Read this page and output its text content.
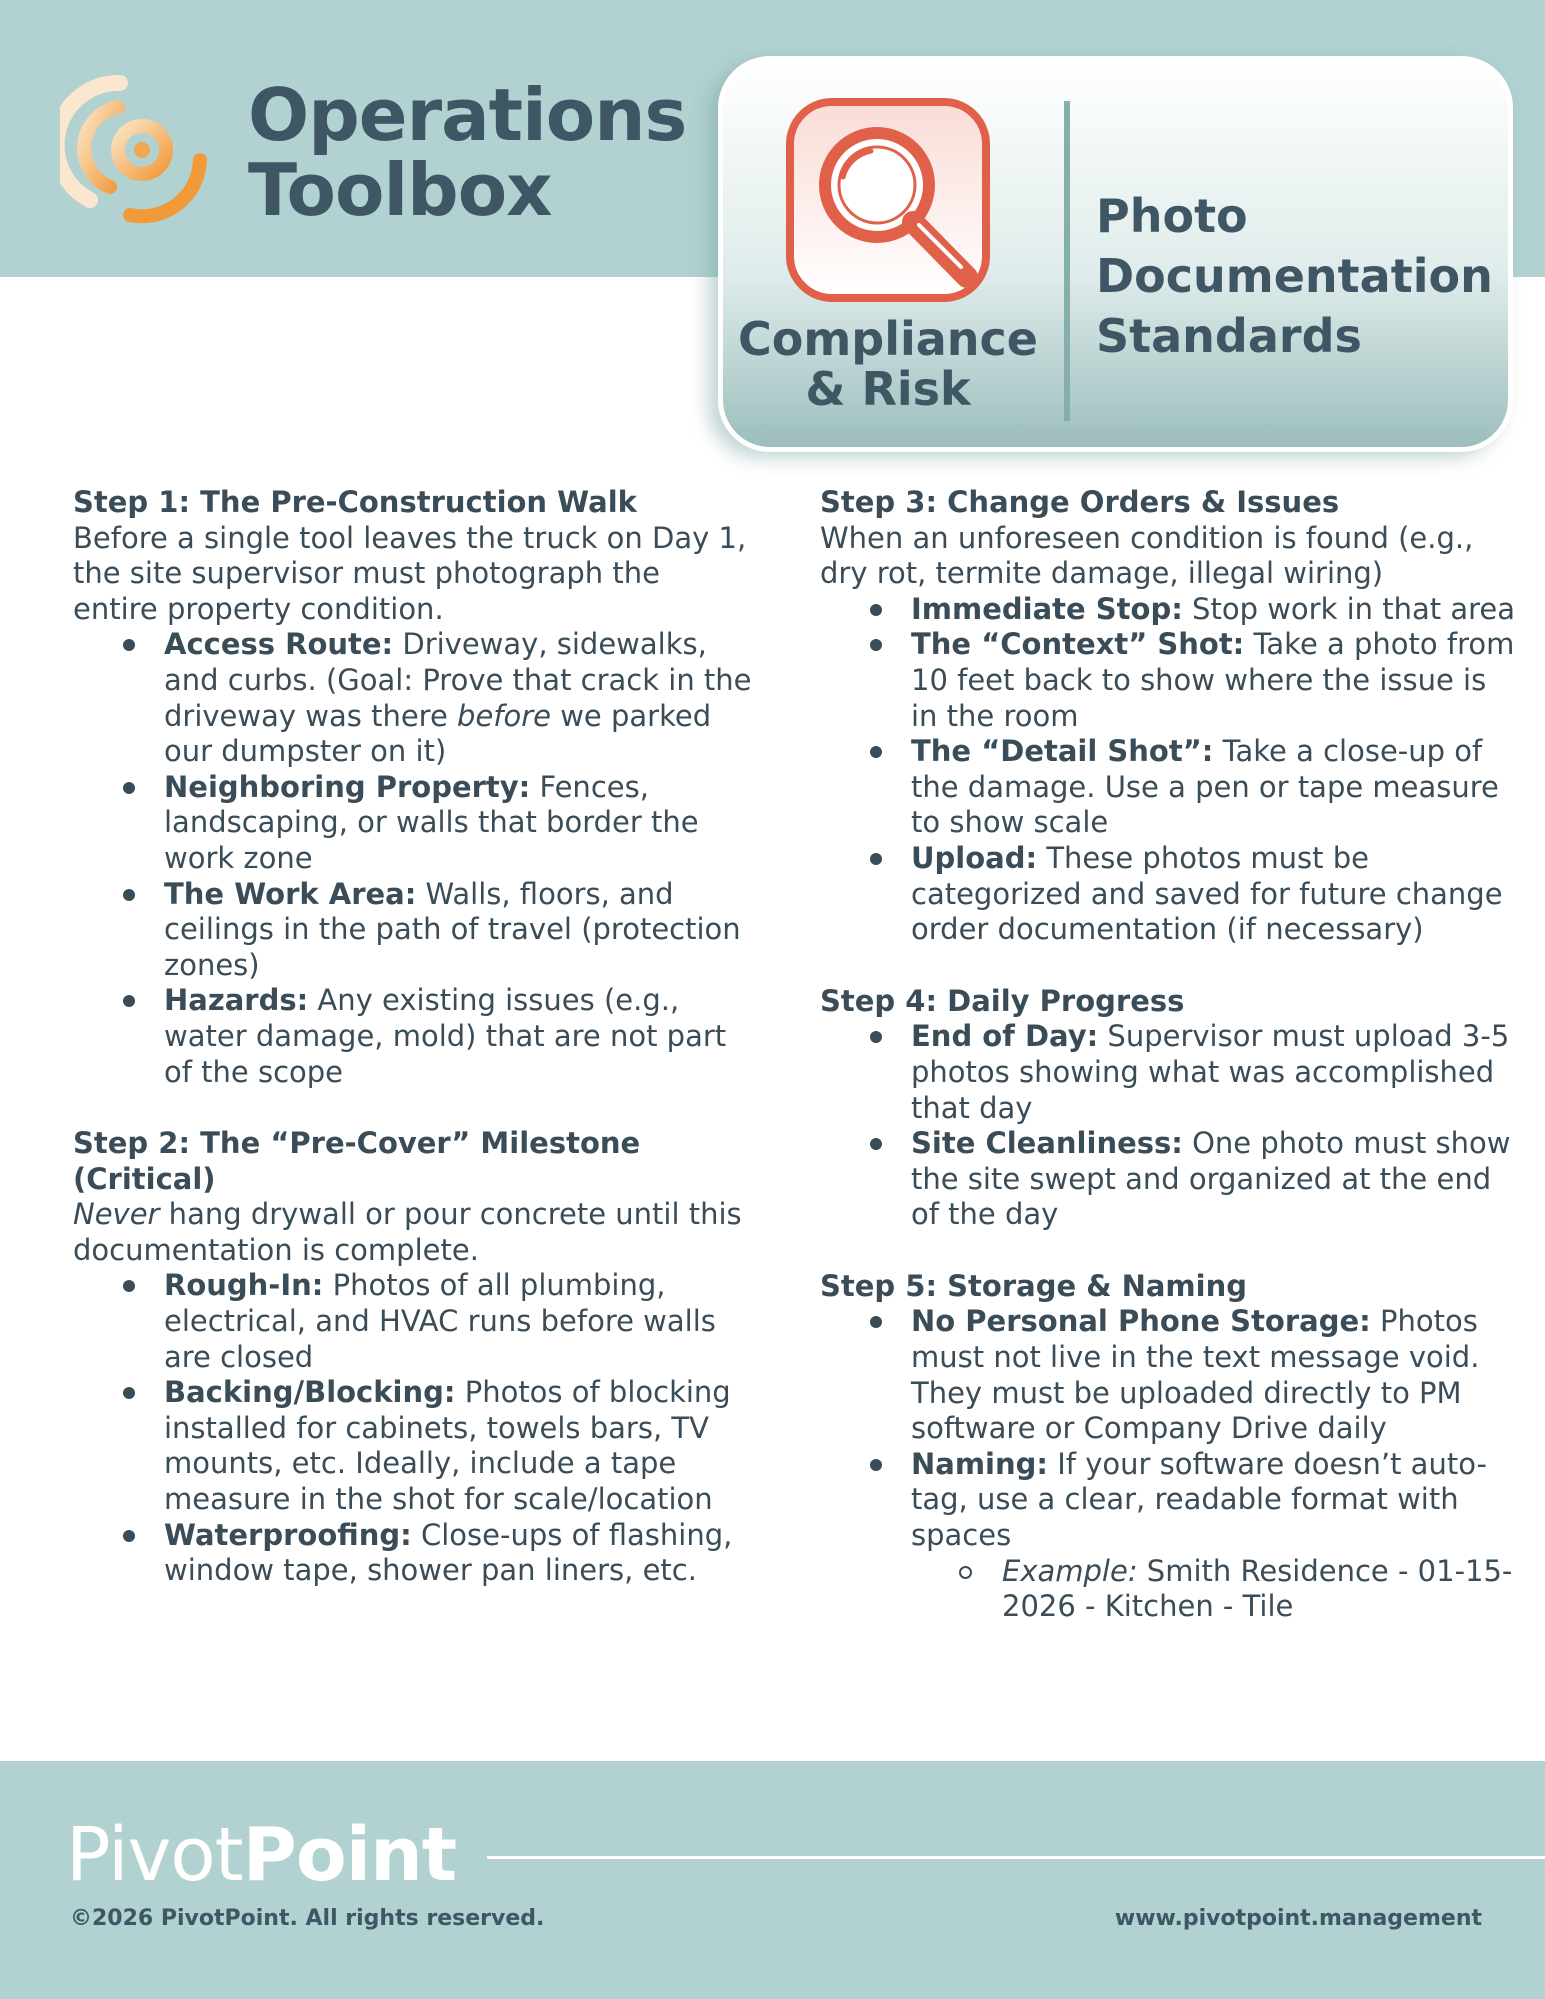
Operations
Toolbox
Compliance
& Risk
Photo
Documentation
Standards

Step 1: The Pre-Construction Walk

Before a single tool leaves the truck on Day 1, the site supervisor must photograph the entire property condition.

Access Route: Driveway, sidewalks, and curbs. (Goal: Prove that crack in the driveway was there before we parked our dumpster on it)
Neighboring Property: Fences, landscaping, or walls that border the work zone
The Work Area: Walls, floors, and ceilings in the path of travel (protection zones)
Hazards: Any existing issues (e.g., water damage, mold) that are not part of the scope

Step 2: The “Pre-Cover” Milestone (Critical)

Never hang drywall or pour concrete until this documentation is complete.

Rough-In: Photos of all plumbing, electrical, and HVAC runs before walls are closed
Backing/Blocking: Photos of blocking installed for cabinets, towels bars, TV mounts, etc. Ideally, include a tape measure in the shot for scale/location
Waterproofing: Close-ups of flashing, window tape, shower pan liners, etc.

Step 3: Change Orders & Issues

When an unforeseen condition is found (e.g., dry rot, termite damage, illegal wiring)

Immediate Stop: Stop work in that area
The “Context” Shot: Take a photo from 10 feet back to show where the issue is in the room
The “Detail Shot”: Take a close-up of the damage. Use a pen or tape measure to show scale
Upload: These photos must be categorized and saved for future change order documentation (if necessary)

Step 4: Daily Progress

End of Day: Supervisor must upload 3-5 photos showing what was accomplished that day
Site Cleanliness: One photo must show the site swept and organized at the end of the day

Step 5: Storage & Naming

No Personal Phone Storage: Photos must not live in the text message void. They must be uploaded directly to PM software or Company Drive daily
Naming: If your software doesn’t auto-tag, use a clear, readable format with spaces
Example: Smith Residence - 01-15-2026 - Kitchen - Tile
PivotPoint
©2026 PivotPoint. All rights reserved.	www.pivotpoint.management
